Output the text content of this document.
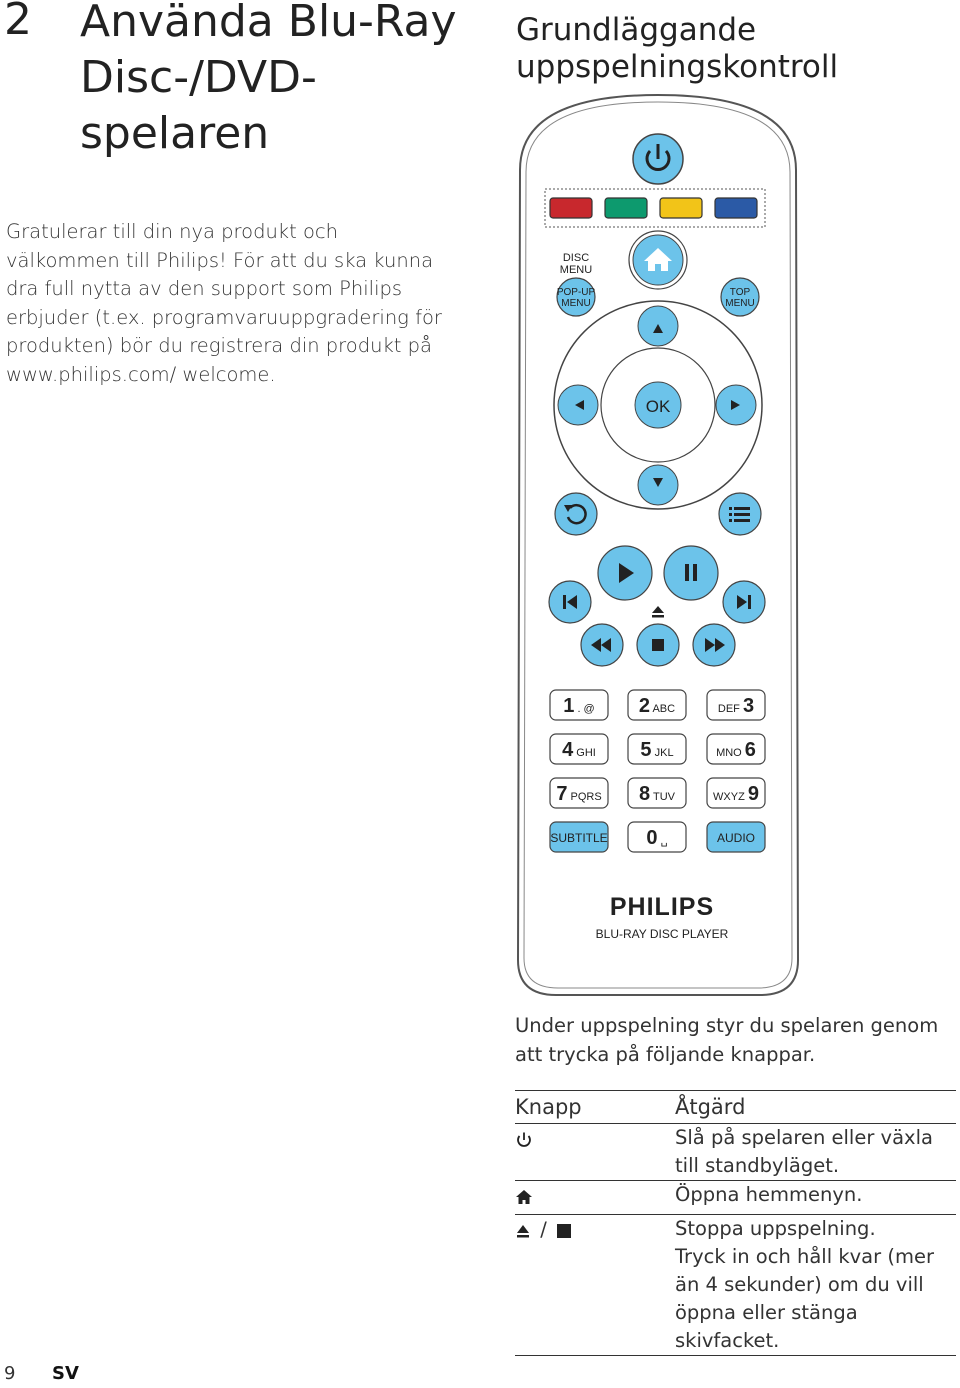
2 Använda Blu-Ray Disc-/DVD-spelaren
Gratulerar till din nya produkt och välkommen till Philips! För att du ska kunna dra full nytta av den support som Philips erbjuder (t.ex. programvaruuppgradering för produkten) bör du registrera din produkt på www.philips.com/ welcome.
Grundläggande uppspelningskontroll
DISC
MENU
POP-UP
MENU
TOP
MENU
OK
1 . @ 2 ABC	DEF 3
4 GHI 5 JKL	MNO 6
7 PQRS 8 TUV	WXYZ 9
0 ␣
SUBTITLE	AUDIO
PHILIPS
BLU-RAY DISC PLAYER
Under uppspelning styr du spelaren genom att trycka på följande knappar.
Knapp	Åtgärd
	Slå på spelaren eller växla till standbyläget.
	Öppna hemmenyn.
/	Stoppa uppspelning.
Tryck in och håll kvar (mer än 4 sekunder) om du vill öppna eller stänga skivfacket.
9 SV
